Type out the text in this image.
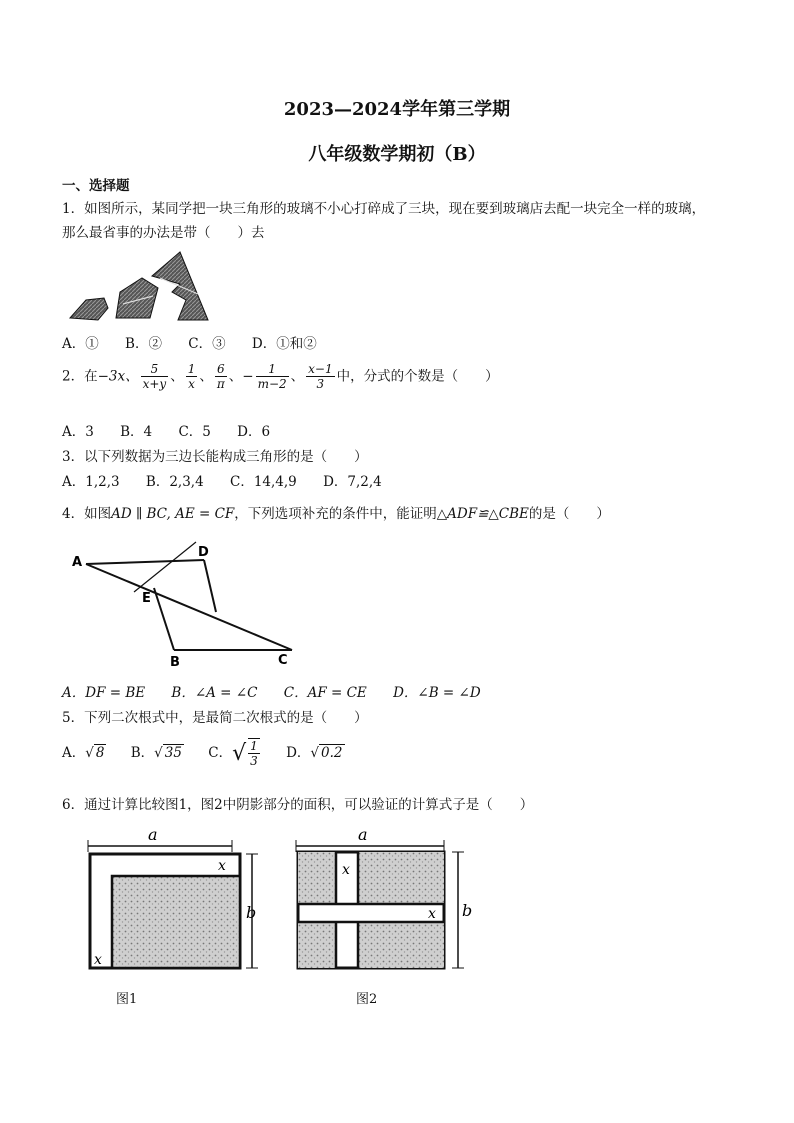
2023—2024学年第三学期
八年级数学期初（B）
一、选择题
1．如图所示，某同学把一块三角形的玻璃不小心打碎成了三块，现在要到玻璃店去配一块完全一样的玻璃，
那么最省事的办法是带（　　）去
A．① B．② C．③ D．①和②
2．在−3x、 $\frac{5}{x+y}$ 、 $\frac{1}{x}$ 、 $\frac{6}{\pi}$ 、− $\frac{1}{m-2}$ 、 $\frac{x-1}{3}$ 中，分式的个数是（　　）
A．3 B．4 C．5 D．6
3．以下列数据为三边长能构成三角形的是（　　）
A．1,2,3 B．2,3,4 C．14,4,9 D．7,2,4
4．如图AD ∥ BC, AE = CF，下列选项补充的条件中，能证明△ADF≌△CBE的是（　　）
A
D
E
B	C
A．DF = BE B．∠A = ∠C C．AF = CE D．∠B = ∠D
5．下列二次根式中，是最简二次根式的是（　　）
A．√ 8 B．√ 35 C．√ $\frac{1}{3}$ D．√ 0.2
6．通过计算比较图1，图2中阴影部分的面积，可以验证的计算式子是（　　）
a
x
x
b
图1
a
x
x b
图2
